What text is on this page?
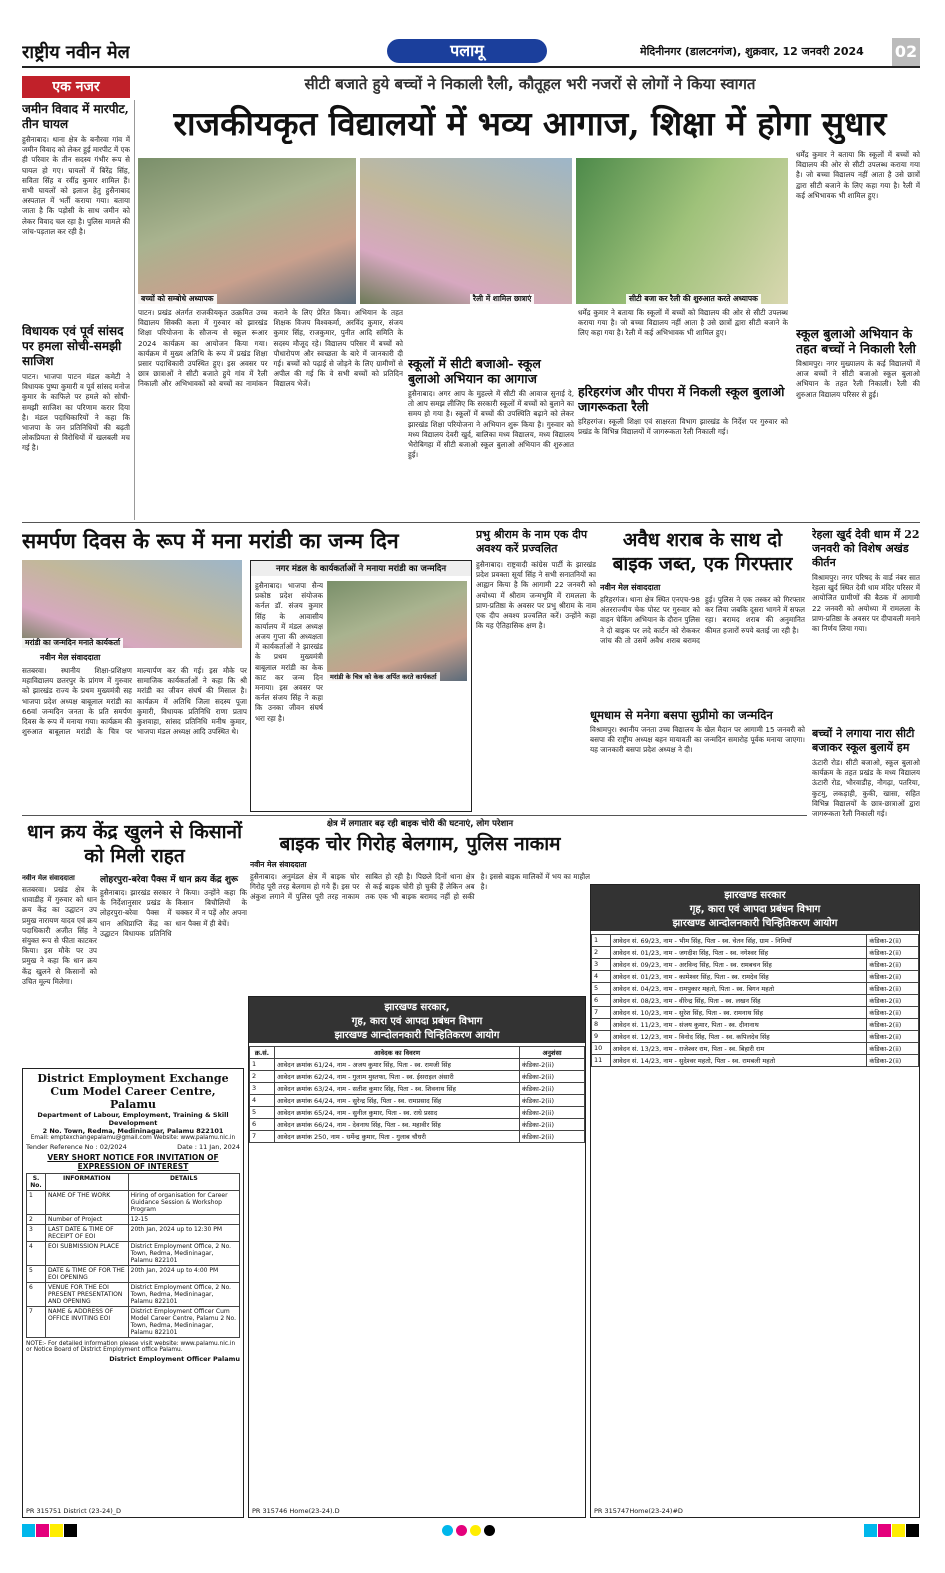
राष्ट्रीय नवीन मेल	पलामू	मेदिनीनगर (डालटनगंज), शुक्रवार, 12 जनवरी 2024 02
एक नजर	सीटी बजाते हुये बच्चों ने निकाली रैली, कौतूहल भरी नजरों से लोगों ने किया स्वागत
राजकीयकृत विद्यालयों में भव्य आगाज, शिक्षा में होगा सुधार
जमीन विवाद में मारपीट, तीन घायल
हुसैनाबाद। थाना क्षेत्र के बनौरवा गांव में जमीन विवाद को लेकर हुई मारपीट में एक ही परिवार के तीन सदस्य गंभीर रूप से घायल हो गए। घायलों में बिरेंद्र सिंह, सविता सिंह व रवींद्र कुमार शामिल हैं। सभी घायलों को इलाज हेतु हुसैनाबाद अस्पताल में भर्ती कराया गया। बताया जाता है कि पड़ोसी के साथ जमीन को लेकर विवाद चल रहा है। पुलिस मामले की जांच-पड़ताल कर रही है।
विधायक एवं पूर्व सांसद पर हमला सोची-समझी साजिश
पाटन। भाजपा पाटन मंडल कमेटी ने विधायक पुष्पा कुमारी व पूर्व सांसद मनोज कुमार के काफिले पर हमले को सोची-समझी साजिश का परिणाम करार दिया है। मंडल पदाधिकारियों ने कहा कि भाजपा के जन प्रतिनिधियों की बढ़ती लोकप्रियता से विरोधियों में खलबली मच गई है।
बच्चों को सम्बोधे अध्यापक	रैली में शामिल छात्राएं	सीटी बजा कर रैली की शुरुआत करते अध्यापक
पाटन। प्रखंड अंतर्गत राजकीयकृत उत्क्रमित उच्च विद्यालय सिक्की कला में गुरुवार को झारखंड शिक्षा परियोजना के सौजन्य से स्कूल रूआर 2024 कार्यक्रम का आयोजन किया गया। कार्यक्रम में मुख्य अतिथि के रूप में प्रखंड शिक्षा प्रसार पदाधिकारी उपस्थित हुए। इस अवसर पर छात्र छात्राओं ने सीटी बजाते हुये गांव में रैली निकाली और अभिभावकों को बच्चों का नामांकन कराने के लिए प्रेरित किया। अभियान के तहत शिक्षक विजय विश्वकर्मा, अरविंद कुमार, संजय कुमार सिंह, राजकुमार, पुनीत आदि समिति के सदस्य मौजूद रहे। विद्यालय परिसर में बच्चों को पौधारोपण और स्वच्छता के बारे में जानकारी दी गई। बच्चों को पढ़ाई से जोड़ने के लिए ग्रामीणों से अपील की गई कि वे सभी बच्चों को प्रतिदिन विद्यालय भेजें।
स्कूलों में सीटी बजाओ- स्कूल बुलाओ अभियान का आगाज
हुसैनाबाद। अगर आप के मुहल्ले में सीटी की आवाज सुनाई दे, तो आप समझ लीजिए कि सरकारी स्कूलों में बच्चों को बुलाने का समय हो गया है। स्कूलों में बच्चों की उपस्थिति बढ़ाने को लेकर झारखंड शिक्षा परियोजना ने अभियान शुरू किया है। गुरुवार को मध्य विद्यालय देवरी खुर्द, बालिका मध्य विद्यालय, मध्य विद्यालय भैरोबिगहा में सीटी बजाओ स्कूल बुलाओ अभियान की शुरुआत हुई।
धर्मेंद्र कुमार ने बताया कि स्कूलों में बच्चों को विद्यालय की ओर से सीटी उपलब्ध कराया गया है। जो बच्चा विद्यालय नहीं आता है उसे छात्रों द्वारा सीटी बजाने के लिए कहा गया है। रैली में कई अभिभावक भी शामिल हुए।
हरिहरगंज और पीपरा में निकली स्कूल बुलाओ जागरूकता रैली
हरिहरगंज। स्कूली शिक्षा एवं साक्षरता विभाग झारखंड के निर्देश पर गुरुवार को प्रखंड के विभिन्न विद्यालयों में जागरूकता रैली निकाली गई।
धर्मेंद्र कुमार ने बताया कि स्कूलों में बच्चों को विद्यालय की ओर से सीटी उपलब्ध कराया गया है। जो बच्चा विद्यालय नहीं आता है उसे छात्रों द्वारा सीटी बजाने के लिए कहा गया है। रैली में कई अभिभावक भी शामिल हुए।
स्कूल बुलाओ अभियान के तहत बच्चों ने निकाली रैली
विश्रामपुर। नगर मुख्यालय के कई विद्यालयों में आज बच्चों ने सीटी बजाओ स्कूल बुलाओ अभियान के तहत रैली निकाली। रैली की शुरुआत विद्यालय परिसर से हुई।
समर्पण दिवस के रूप में मना मरांडी का जन्म दिन
मरांडी का जन्मदिन मनाते कार्यकर्ता
नवीन मेल संवाददाता
सतबरवा। स्थानीय शिक्षा-प्रशिक्षण महाविद्यालय छतरपुर के प्रांगण में गुरुवार को झारखंड राज्य के प्रथम मुख्यमंत्री सह भाजपा प्रदेश अध्यक्ष बाबूलाल मरांडी का 66वां जन्मदिन जनता के प्रति समर्पण दिवस के रूप में मनाया गया। कार्यक्रम की शुरुआत बाबूलाल मरांडी के चित्र पर माल्यार्पण कर की गई। इस मौके पर सामाजिक कार्यकर्ताओं ने कहा कि श्री मरांडी का जीवन संघर्ष की मिसाल है। कार्यक्रम में अतिथि जिला सदस्य पूजा कुमारी, विधायक प्रतिनिधि राणा प्रताप कुशवाहा, सांसद प्रतिनिधि मनीष कुमार, भाजपा मंडल अध्यक्ष आदि उपस्थित थे।
नगर मंडल के कार्यकर्ताओं ने मनाया मरांडी का जन्मदिन
मरांडी के चित्र को केक अर्पित करते कार्यकर्ता
हुसैनाबाद। भाजपा सैन्य प्रकोष्ठ प्रदेश संयोजक कर्नल डॉ. संजय कुमार सिंह के आवासीय कार्यालय में मंडल अध्यक्ष अजय गुप्ता की अध्यक्षता में कार्यकर्ताओं ने झारखंड के प्रथम मुख्यमंत्री बाबूलाल मरांडी का केक काट कर जन्म दिन मनाया। इस अवसर पर कर्नल संजय सिंह ने कहा कि उनका जीवन संघर्ष भरा रहा है।
प्रभु श्रीराम के नाम एक दीप अवश्य करें प्रज्वलित
हुसैनाबाद। राष्ट्रवादी कांग्रेस पार्टी के झारखंड प्रदेश प्रवक्ता सूर्या सिंह ने सभी सनातनियों का आह्वान किया है कि आगामी 22 जनवरी को अयोध्या में श्रीराम जन्मभूमि में रामलला के प्राण-प्रतिष्ठा के अवसर पर प्रभु श्रीराम के नाम एक दीप अवश्य प्रज्वलित करें। उन्होंने कहा कि यह ऐतिहासिक क्षण है।
अवैध शराब के साथ दो बाइक जब्त, एक गिरफ्तार
नवीन मेल संवाददाता
हरिहरगंज। थाना क्षेत्र स्थित एनएच-98 अंतरराज्यीय चेक पोस्ट पर गुरुवार को वाहन चेकिंग अभियान के दौरान पुलिस ने दो बाइक पर लदे कार्टन को रोककर जांच की तो उसमें अवैध शराब बरामद हुई। पुलिस ने एक तस्कर को गिरफ्तार कर लिया जबकि दूसरा भागने में सफल रहा। बरामद शराब की अनुमानित कीमत हजारों रुपये बताई जा रही है।
धूमधाम से मनेगा बसपा सुप्रीमो का जन्मदिन
विश्रामपुर। स्थानीय जनता उच्च विद्यालय के खेल मैदान पर आगामी 15 जनवरी को बसपा की राष्ट्रीय अध्यक्ष बहन मायावती का जन्मदिन समारोह पूर्वक मनाया जाएगा। यह जानकारी बसपा प्रदेश अध्यक्ष ने दी।
रेहला खुर्द देवी धाम में 22 जनवरी को विशेष अखंड कीर्तन
विश्रामपुर। नगर परिषद के वार्ड नंबर सात रेहला खुर्द स्थित देवी धाम मंदिर परिसर में आयोजित ग्रामीणों की बैठक में आगामी 22 जनवरी को अयोध्या में रामलला के प्राण-प्रतिष्ठा के अवसर पर दीपावली मनाने का निर्णय लिया गया।
बच्चों ने लगाया नारा सीटी बजाकर स्कूल बुलायें हम
ऊंटारी रोड। सीटी बजाओ, स्कूल बुलाओ कार्यक्रम के तहत प्रखंड के मध्य विद्यालय ऊंटारी रोड, भौरवाडीह, नौगढ़ा, पतरिया, कुटमु, लकड़ाही, कुकी, खासा, सहित विभिन्न विद्यालयों के छात्र-छात्राओं द्वारा जागरूकता रैली निकाली गई।
धान क्रय केंद्र खुलने से किसानों को मिली राहत
नवीन मेल संवाददाता
सतबरवा। प्रखंड क्षेत्र के धावाडीह में गुरुवार को धान क्रय केंद्र का उद्घाटन उप प्रमुख नारायण यादव एवं क्रय पदाधिकारी अजीत सिंह ने संयुक्त रूप से फीता काटकर किया। इस मौके पर उप प्रमुख ने कहा कि धान क्रय केंद्र खुलने से किसानों को उचित मूल्य मिलेगा।
लोहरपुरा-बरेवा पैक्स में धान क्रय केंद्र शुरू
हुसैनाबाद। झारखंड सरकार के निर्देशानुसार प्रखंड के लोहरपुरा-बरेवा पैक्स में धान अधिप्राप्ति केंद्र का उद्घाटन विधायक प्रतिनिधि ने किया। उन्होंने कहा कि किसान बिचौलियों के चक्कर में न पड़ें और अपना धान पैक्स में ही बेचें।
क्षेत्र में लगातार बढ़ रही बाइक चोरी की घटनाएं, लोग परेशान
बाइक चोर गिरोह बेलगाम, पुलिस नाकाम
नवीन मेल संवाददाता
हुसैनाबाद। अनुमंडल क्षेत्र में बाइक चोर गिरोह पूरी तरह बेलगाम हो गये हैं। इस पर अंकुश लगाने में पुलिस पूरी तरह नाकाम साबित हो रही है। पिछले दिनों थाना क्षेत्र से कई बाइक चोरी हो चुकी हैं लेकिन अब तक एक भी बाइक बरामद नहीं हो सकी है। इससे बाइक मालिकों में भय का माहौल है।
District Employment Exchange
Cum Model Career Centre, Palamu
Department of Labour, Employment, Training & Skill Development
2 No. Town, Redma, Medininagar, Palamu 822101
Email: emptexchangepalamu@gmail.com Website: www.palamu.nic.in
Tender Reference No : 02/2024	Date : 11 Jan, 2024
VERY SHORT NOTICE FOR INVITATION OF EXPRESSION OF INTEREST
S. No.	INFORMATION	DETAILS
1	NAME OF THE WORK	Hiring of organisation for Career Guidance Session & Workshop Program
2	Number of Project	12-15
3	LAST DATE & TIME OF RECEIPT OF EOI	20th Jan, 2024 up to 12:30 PM
4	EOI SUBMISSION PLACE	District Employment Office, 2 No. Town, Redma, Medininagar, Palamu 822101
5	DATE & TIME OF FOR THE EOI OPENING	20th Jan, 2024 up to 4:00 PM
6	VENUE FOR THE EOI PRESENT PRESENTATION AND OPENING	District Employment Office, 2 No. Town, Redma, Medininagar, Palamu 822101
7	NAME & ADDRESS OF OFFICE INVITING EOI	District Employment Officer Cum Model Career Centre, Palamu 2 No. Town, Redma, Medininagar, Palamu 822101
NOTE:- For detailed information please visit website: www.palamu.nic.in or Notice Board of District Employment office Palamu.
District Employment Officer Palamu
PR 315751 District (23-24)_D
झारखण्ड सरकार,
गृह, कारा एवं आपदा प्रबंधन विभाग
झारखण्ड आन्दोलनकारी चिन्हितिकरण आयोग
क्र.सं.	आवेदक का विवरण	अनुशंसा
1	आवेदन क्रमांक 61/24, नाम - अजय कुमार सिंह, पिता - स्व. रामजी सिंह	कंडिका-2(ii)
2	आवेदन क्रमांक 62/24, नाम - गुलाम मुस्तफा, पिता - स्व. ईसराइल अंसारी	कंडिका-2(ii)
3	आवेदन क्रमांक 63/24, नाम - सतीश कुमार सिंह, पिता - स्व. शिवनाथ सिंह	कंडिका-2(ii)
4	आवेदन क्रमांक 64/24, नाम - सुरेन्द्र सिंह, पिता - स्व. रामप्रसाद सिंह	कंडिका-2(ii)
5	आवेदन क्रमांक 65/24, नाम - सुनील कुमार, पिता - स्व. राधे प्रसाद	कंडिका-2(ii)
6	आवेदन क्रमांक 66/24, नाम - देवनाथ सिंह, पिता - स्व. महावीर सिंह	कंडिका-2(ii)
7	आवेदन क्रमांक 250, नाम - धर्मेन्द्र कुमार, पिता - गुलाब चौधरी	कंडिका-2(ii)
PR 315746 Home(23-24).D
झारखण्ड सरकार
गृह, कारा एवं आपदा प्रबंधन विभाग
झारखण्ड आन्दोलनकारी चिन्हितिकरण आयोग
1	आवेदन सं. 69/23, नाम - भीम सिंह, पिता - स्व. चेतन सिंह, ग्राम - निमियाँ	कंडिका-2(ii)
2	आवेदन सं. 01/23, नाम - जगदीश सिंह, पिता - स्व. नगेश्वर सिंह	कंडिका-2(ii)
3	आवेदन सं. 09/23, नाम - अरविन्द सिंह, पिता - स्व. रामबचन सिंह	कंडिका-2(ii)
4	आवेदन सं. 01/23, नाम - कामेश्वर सिंह, पिता - स्व. रामदेव सिंह	कंडिका-2(ii)
5	आवेदन सं. 04/23, नाम - रामपुकार महतो, पिता - स्व. बिगन महतो	कंडिका-2(ii)
6	आवेदन सं. 08/23, नाम - वीरेन्द्र सिंह, पिता - स्व. लखन सिंह	कंडिका-2(ii)
7	आवेदन सं. 10/23, नाम - सुरेश सिंह, पिता - स्व. रामनाथ सिंह	कंडिका-2(ii)
8	आवेदन सं. 11/23, नाम - संजय कुमार, पिता - स्व. दीनानाथ	कंडिका-2(ii)
9	आवेदन सं. 12/23, नाम - विनोद सिंह, पिता - स्व. कपिलदेव सिंह	कंडिका-2(ii)
10	आवेदन सं. 13/23, नाम - राजेश्वर राम, पिता - स्व. बिहारी राम	कंडिका-2(ii)
11	आवेदन सं. 14/23, नाम - सुदेश्वर महतो, पिता - स्व. रामबली महतो	कंडिका-2(ii)
PR 315747Home(23-24)#D
